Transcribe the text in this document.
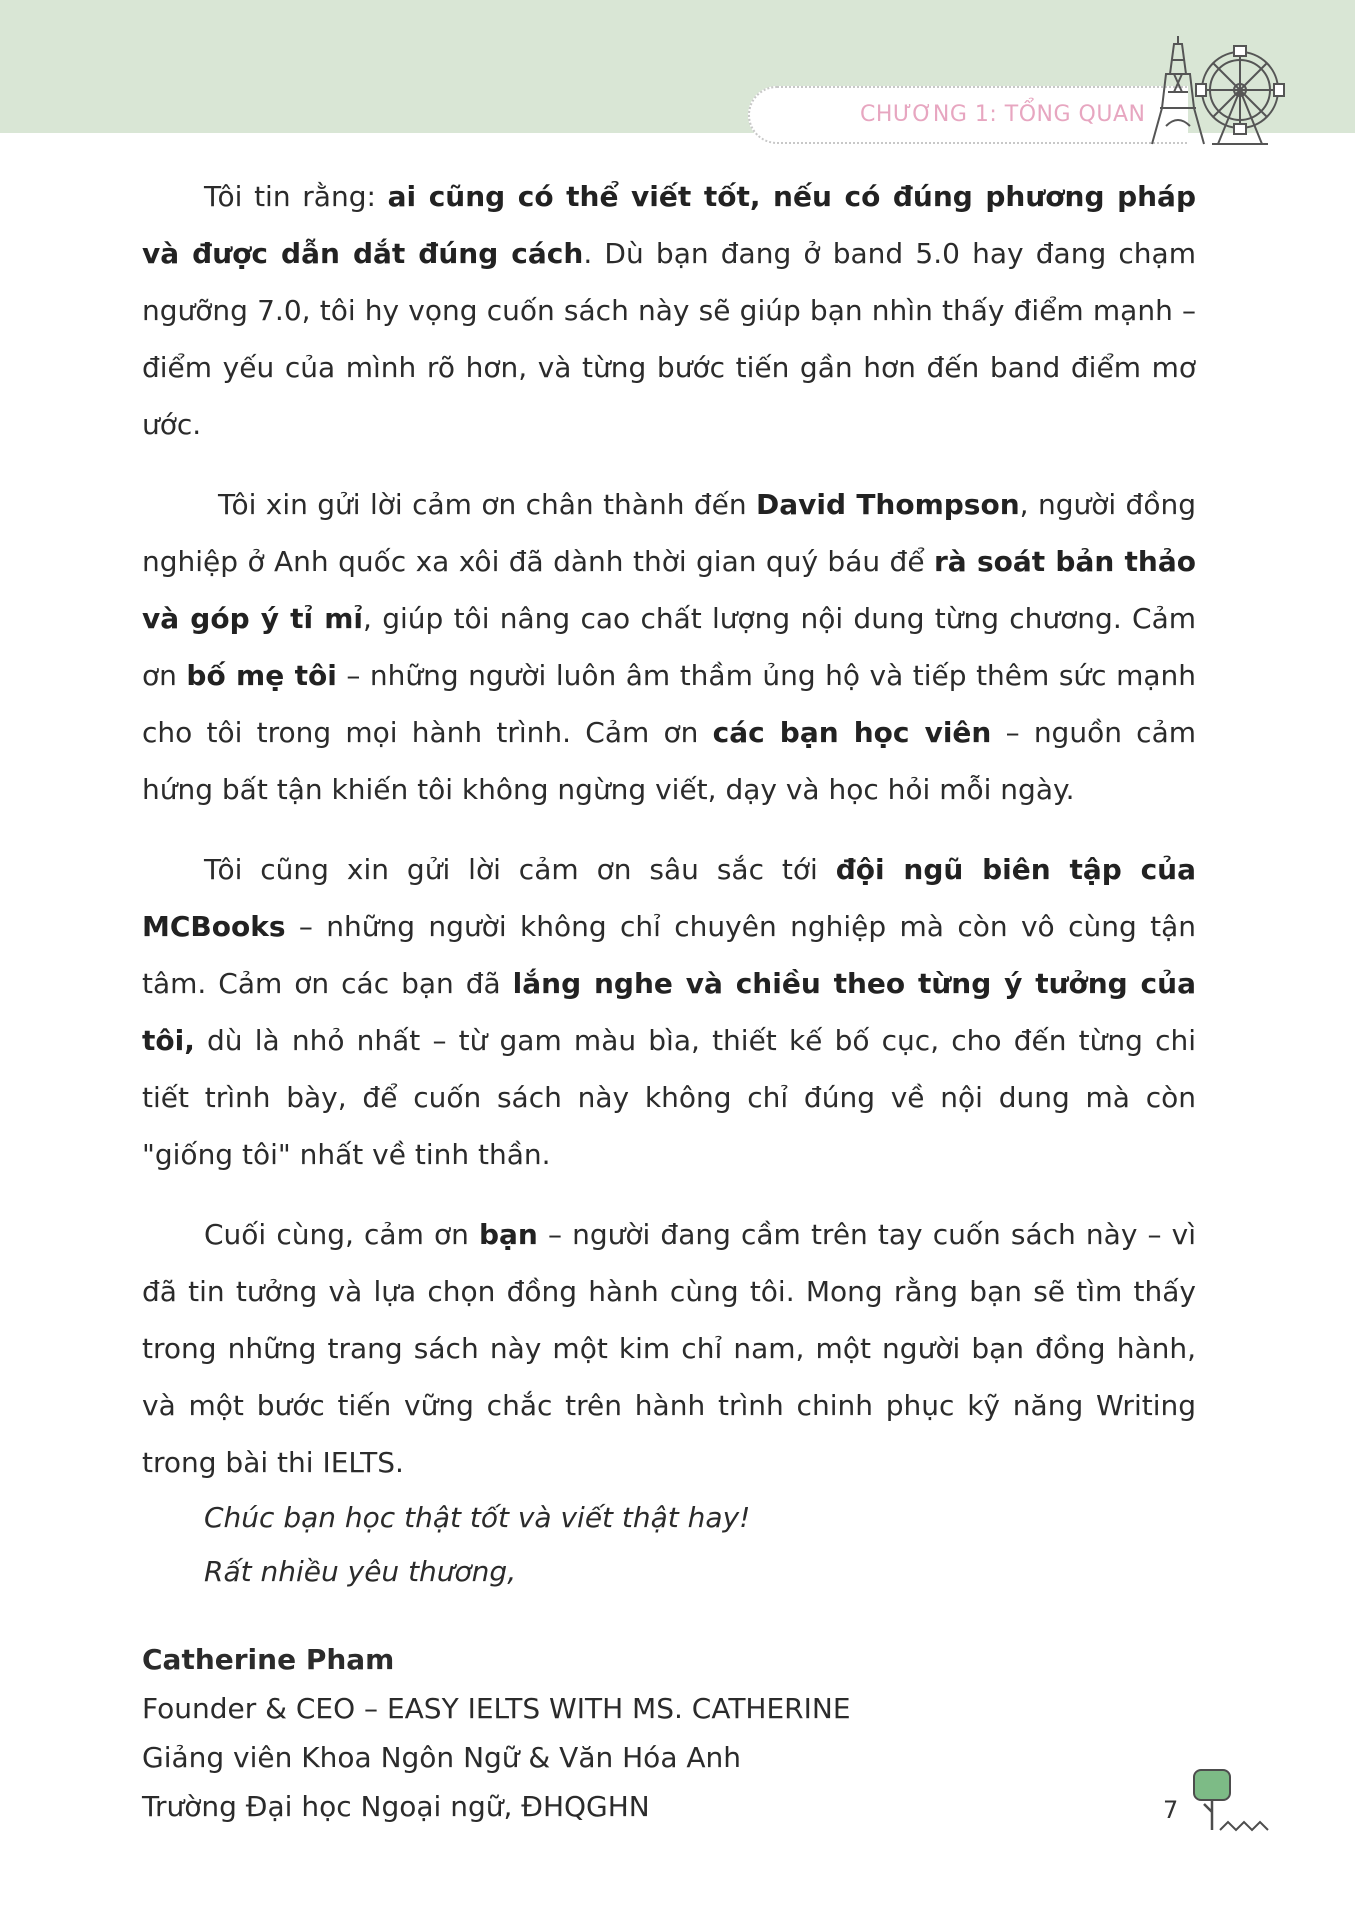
CHƯƠNG 1: TỔNG QUAN

Tôi tin rằng: ai cũng có thể viết tốt, nếu có đúng phương pháp và được dẫn dắt đúng cách. Dù bạn đang ở band 5.0 hay đang chạm ngưỡng 7.0, tôi hy vọng cuốn sách này sẽ giúp bạn nhìn thấy điểm mạnh – điểm yếu của mình rõ hơn, và từng bước tiến gần hơn đến band điểm mơ ước.

Tôi xin gửi lời cảm ơn chân thành đến David Thompson, người đồng nghiệp ở Anh quốc xa xôi đã dành thời gian quý báu để rà soát bản thảo và góp ý tỉ mỉ, giúp tôi nâng cao chất lượng nội dung từng chương. Cảm ơn bố mẹ tôi – những người luôn âm thầm ủng hộ và tiếp thêm sức mạnh cho tôi trong mọi hành trình. Cảm ơn các bạn học viên – nguồn cảm hứng bất tận khiến tôi không ngừng viết, dạy và học hỏi mỗi ngày.

Tôi cũng xin gửi lời cảm ơn sâu sắc tới đội ngũ biên tập của MCBooks – những người không chỉ chuyên nghiệp mà còn vô cùng tận tâm. Cảm ơn các bạn đã lắng nghe và chiều theo từng ý tưởng của tôi, dù là nhỏ nhất – từ gam màu bìa, thiết kế bố cục, cho đến từng chi tiết trình bày, để cuốn sách này không chỉ đúng về nội dung mà còn "giống tôi" nhất về tinh thần.

Cuối cùng, cảm ơn bạn – người đang cầm trên tay cuốn sách này – vì đã tin tưởng và lựa chọn đồng hành cùng tôi. Mong rằng bạn sẽ tìm thấy trong những trang sách này một kim chỉ nam, một người bạn đồng hành, và một bước tiến vững chắc trên hành trình chinh phục kỹ năng Writing trong bài thi IELTS.

Chúc bạn học thật tốt và viết thật hay!

Rất nhiều yêu thương,

Catherine Pham
Founder & CEO – EASY IELTS WITH MS. CATHERINE
Giảng viên Khoa Ngôn Ngữ & Văn Hóa Anh
Trường Đại học Ngoại ngữ, ĐHQGHN	7
